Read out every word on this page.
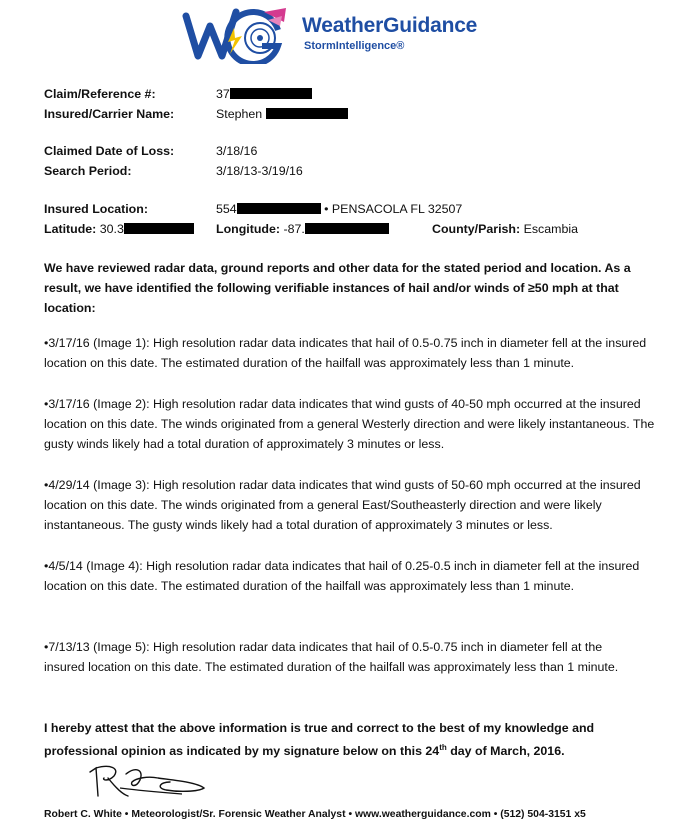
WeatherGuidance
StormIntelligence®
Claim/Reference #:	37
Insured/Carrier Name:	Stephen
Claimed Date of Loss:	3/18/16
Search Period:	3/18/13-3/19/16
Insured Location:	554	• PENSACOLA FL 32507
Latitude: 30.3	Longitude: -87.	County/Parish: Escambia
We have reviewed radar data, ground reports and other data for the stated period and location. As a result, we have identified the following verifiable instances of hail and/or winds of ≥50 mph at that location:
•3/17/16 (Image 1): High resolution radar data indicates that hail of 0.5-0.75 inch in diameter fell at the insured location on this date. The estimated duration of the hailfall was approximately less than 1 minute.
•3/17/16 (Image 2): High resolution radar data indicates that wind gusts of 40-50 mph occurred at the insured location on this date. The winds originated from a general Westerly direction and were likely instantaneous. The gusty winds likely had a total duration of approximately 3 minutes or less.
•4/29/14 (Image 3): High resolution radar data indicates that wind gusts of 50-60 mph occurred at the insured location on this date. The winds originated from a general East/Southeasterly direction and were likely instantaneous. The gusty winds likely had a total duration of approximately 3 minutes or less.
•4/5/14 (Image 4): High resolution radar data indicates that hail of 0.25-0.5 inch in diameter fell at the insured location on this date. The estimated duration of the hailfall was approximately less than 1 minute.
•7/13/13 (Image 5): High resolution radar data indicates that hail of 0.5-0.75 inch in diameter fell at the insured location on this date. The estimated duration of the hailfall was approximately less than 1 minute.
I hereby attest that the above information is true and correct to the best of my knowledge and professional opinion as indicated by my signature below on this 24th day of March, 2016.
Robert C. White • Meteorologist/Sr. Forensic Weather Analyst • www.weatherguidance.com • (512) 504-3151 x5
